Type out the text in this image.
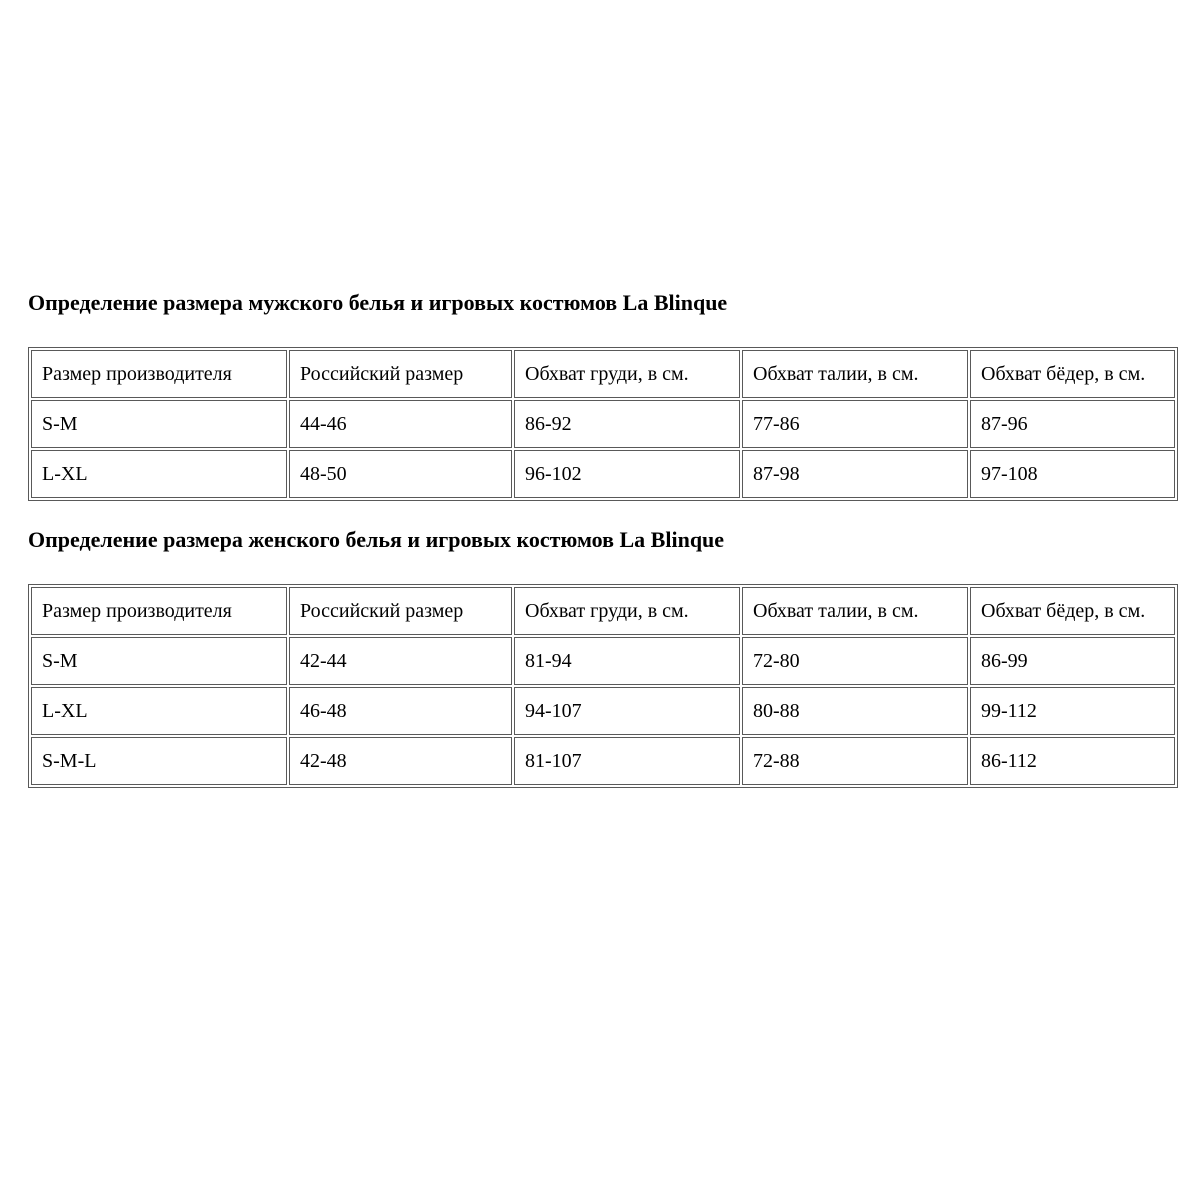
Определение размера мужского белья и игровых костюмов La Blinque
Размер производителя	Российский размер	Обхват груди, в см.	Обхват талии, в см.	Обхват бёдер, в см.
S-M	44-46	86-92	77-86	87-96
L-XL	48-50	96-102	87-98	97-108
Определение размера женского белья и игровых костюмов La Blinque
Размер производителя	Российский размер	Обхват груди, в см.	Обхват талии, в см.	Обхват бёдер, в см.
S-M	42-44	81-94	72-80	86-99
L-XL	46-48	94-107	80-88	99-112
S-M-L	42-48	81-107	72-88	86-112
